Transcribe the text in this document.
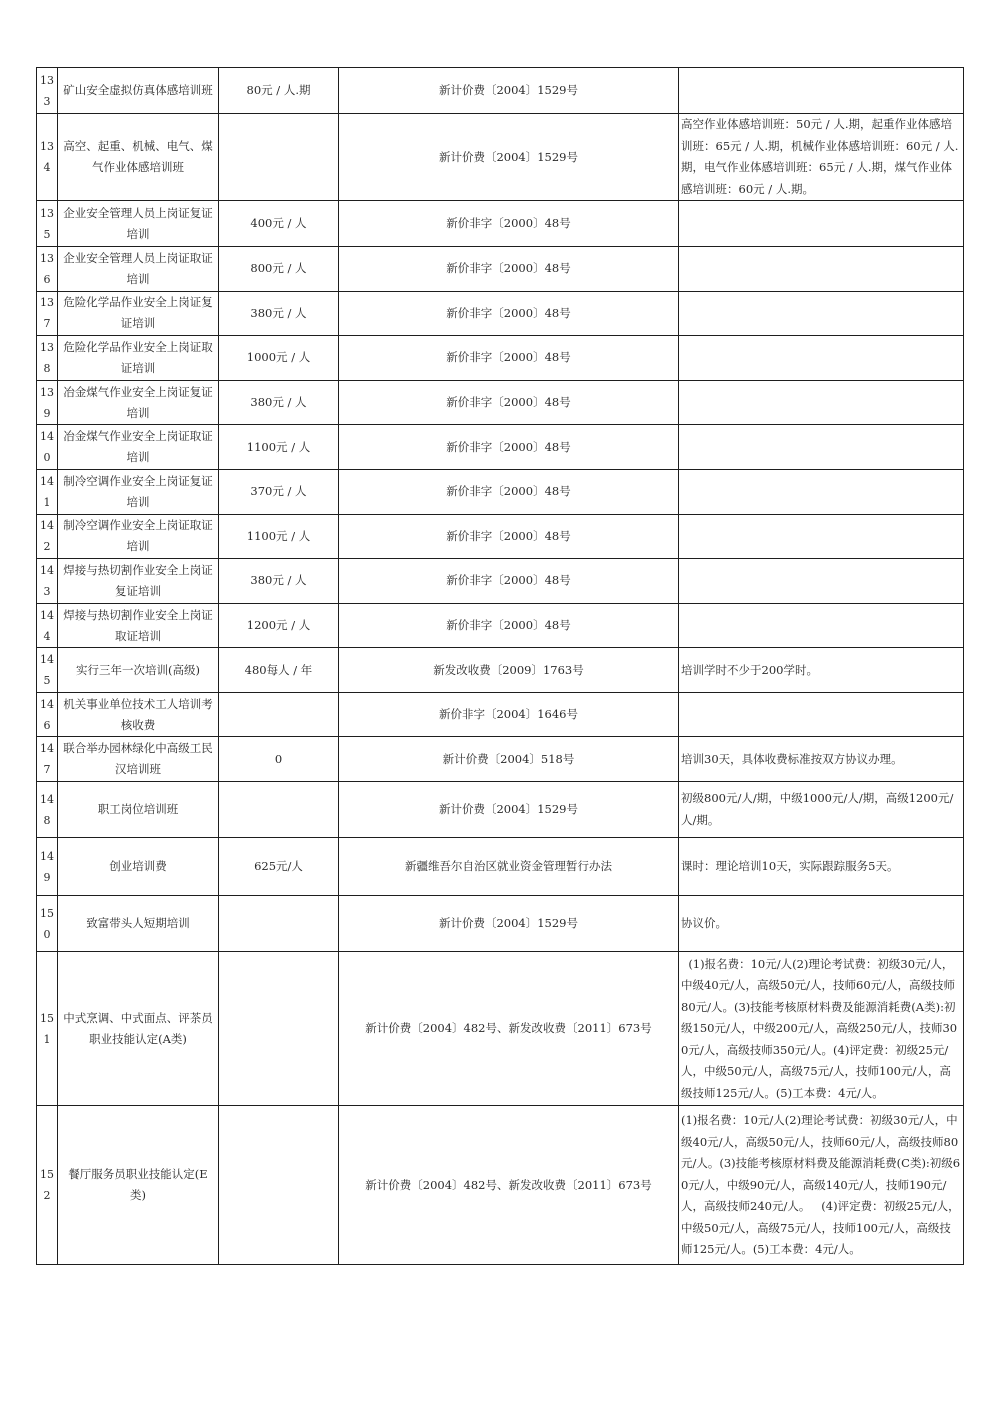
133	矿山安全虚拟仿真体感培训班	80元 / 人.期	新计价费〔2004〕1529号	
134	高空、起重、机械、电气、煤气作业体感培训班		新计价费〔2004〕1529号	高空作业体感培训班：50元 / 人.期，起重作业体感培训班：65元 / 人.期，机械作业体感培训班：60元 / 人.期，电气作业体感培训班：65元 / 人.期，煤气作业体感培训班：60元 / 人.期。
135	企业安全管理人员上岗证复证培训	400元 / 人	新价非字〔2000〕48号	
136	企业安全管理人员上岗证取证培训	800元 / 人	新价非字〔2000〕48号	
137	危险化学品作业安全上岗证复证培训	380元 / 人	新价非字〔2000〕48号	
138	危险化学品作业安全上岗证取证培训	1000元 / 人	新价非字〔2000〕48号	
139	冶金煤气作业安全上岗证复证培训	380元 / 人	新价非字〔2000〕48号	
140	冶金煤气作业安全上岗证取证培训	1100元 / 人	新价非字〔2000〕48号	
141	制冷空调作业安全上岗证复证培训	370元 / 人	新价非字〔2000〕48号	
142	制冷空调作业安全上岗证取证培训	1100元 / 人	新价非字〔2000〕48号	
143	焊接与热切割作业安全上岗证复证培训	380元 / 人	新价非字〔2000〕48号	
144	焊接与热切割作业安全上岗证取证培训	1200元 / 人	新价非字〔2000〕48号	
145	实行三年一次培训(高级)	480每人 / 年	新发改收费〔2009〕1763号	培训学时不少于200学时。
146	机关事业单位技术工人培训考核收费		新价非字〔2004〕1646号	
147	联合举办园林绿化中高级工民汉培训班	0	新计价费〔2004〕518号	培训30天，具体收费标准按双方协议办理。
148	职工岗位培训班		新计价费〔2004〕1529号	初级800元/人/期，中级1000元/人/期，高级1200元/人/期。
149	创业培训费	625元/人	新疆维吾尔自治区就业资金管理暂行办法	课时：理论培训10天，实际跟踪服务5天。
150	致富带头人短期培训		新计价费〔2004〕1529号	协议价。
151	中式烹调、中式面点、评茶员职业技能认定(A类)		新计价费〔2004〕482号、新发改收费〔2011〕673号	(1)报名费：10元/人(2)理论考试费：初级30元/人，中级40元/人，高级50元/人，技师60元/人，高级技师80元/人。(3)技能考核原材料费及能源消耗费(A类):初级150元/人，中级200元/人，高级250元/人，技师300元/人，高级技师350元/人。(4)评定费：初级25元/人，中级50元/人，高级75元/人，技师100元/人，高级技师125元/人。(5)工本费：4元/人。
152	餐厅服务员职业技能认定(E类)		新计价费〔2004〕482号、新发改收费〔2011〕673号	(1)报名费：10元/人(2)理论考试费：初级30元/人，中级40元/人，高级50元/人，技师60元/人，高级技师80元/人。(3)技能考核原材料费及能源消耗费(C类):初级60元/人，中级90元/人，高级140元/人，技师190元/人，高级技师240元/人。   (4)评定费：初级25元/人，中级50元/人，高级75元/人，技师100元/人，高级技师125元/人。(5)工本费：4元/人。
